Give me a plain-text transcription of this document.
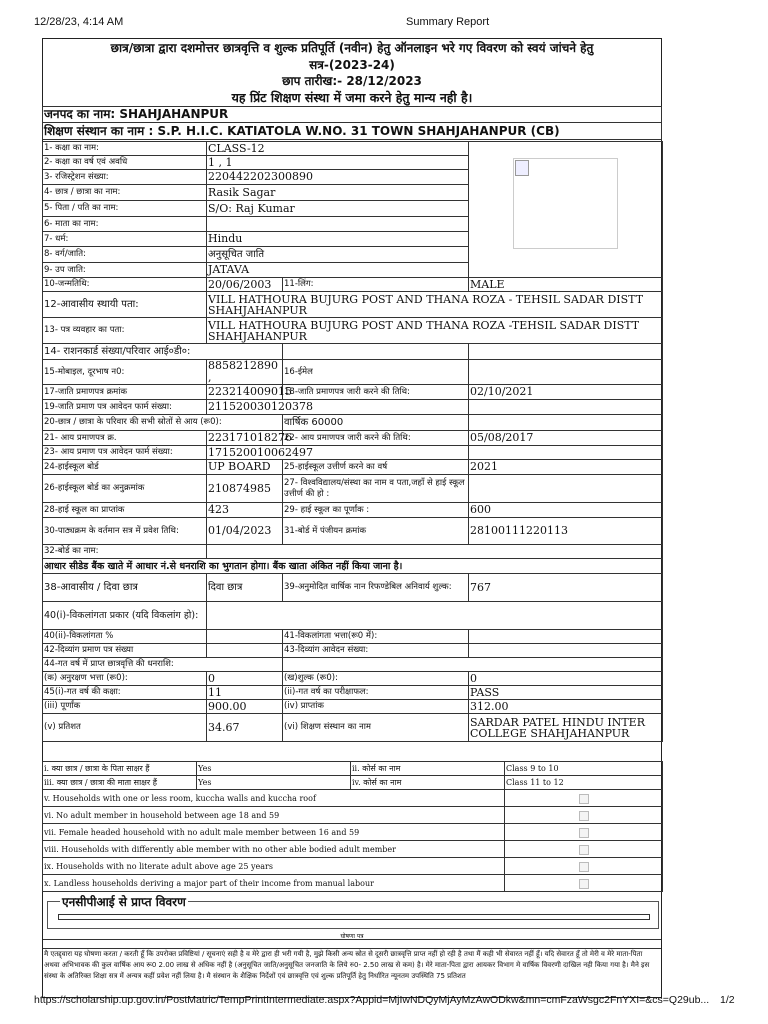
12/28/23, 4:14 AM	Summary Report
छात्र/छात्रा द्वारा दशमोत्तर छात्रवृत्ति व शुल्क प्रतिपूर्ति (नवीन) हेतु ऑनलाइन भरे गए विवरण को स्वयं जांचने हेतु
सत्र-(2023-24)
छाप तारीख:- 28/12/2023
यह प्रिंट शिक्षण संस्था में जमा करने हेतु मान्य नही है।
जनपद का नाम: SHAHJAHANPUR
शिक्षण संस्थान का नाम : S.P. H.I.C. KATIATOLA W.NO. 31 TOWN SHAHJAHANPUR (CB)
1- कक्षा का नाम:	CLASS-12		
2- कक्षा का वर्ष एवं अवधि	1 , 1		
3- रजिस्ट्रेशन संख्या:	220442202300890		
4- छात्र / छात्रा का नाम:	Rasik Sagar		
5- पिता / पति का नाम:	S/O: Raj Kumar		
6- माता का नाम:			
7- धर्म:	Hindu		
8- वर्ग/जाति:	अनुसूचित जाति		
9- उप जाति:	JATAVA		
10-जन्मतिथि:	20/06/2003	11-लिंग:	MALE
12-आवासीय स्थायी पता:	VILL HATHOURA BUJURG POST AND THANA ROZA - TEHSIL SADAR DISTT SHAHJAHANPUR		
13- पत्र व्यवहार का पता:	VILL HATHOURA BUJURG POST AND THANA ROZA -TEHSIL SADAR DISTT SHAHJAHANPUR		
14- राशनकार्ड संख्या/परिवार आई०डी०:			
15-मोबाइल, दूरभाष न0:	8858212890 ,	16-ईमेल	
17-जाति प्रमाणपत्र क्रमांक	223214009015	18-जाति प्रमाणपत्र जारी करने की तिथि:	02/10/2021
19-जाति प्रमाण पत्र आवेदन फार्म संख्या:	211520030120378		
20-छात्र / छात्रा के परिवार की सभी स्रोतों से आय (रू0):		वार्षिक 60000	
21- आय प्रमाणपत्र क्र.	223171018276	22- आय प्रमाणपत्र जारी करने की तिथि:	05/08/2017
23- आय प्रमाण पत्र आवेदन फार्म संख्या:	171520010062497		
24-हाईस्कूल बोर्ड	UP BOARD	25-हाईस्कूल उत्तीर्ण करने का वर्ष	2021
26-हाईस्कूल बोर्ड का अनुक्रमांक	210874985	27- विश्वविद्यालय/संस्था का नाम व पता,जहाँ से हाई स्कूल उत्तीर्ण की हो :	
28-हाई स्कूल का प्राप्तांक	423	29- हाई स्कूल का पूर्णांक :	600
30-पाठ्यक्रम के वर्तमान सत्र में प्रवेश तिथि:	01/04/2023	31-बोर्ड में पंजीयन क्रमांक	28100111220113
32-बोर्ड का नाम:			
आधार सीडेड बैंक खाते में आधार नं.से धनराशि का भुगतान होगा। बैंक खाता अंकित नहीं किया जाना है।			
38-आवासीय / दिवा छात्र	दिवा छात्र	39-अनुमोदित वार्षिक नान रिफण्डेबिल अनिवार्य शुल्क:	767
40(i)-विकलांगता प्रकार (यदि विकलांग हो):			
40(ii)-विकलांगता %		41-विकलांगता भत्ता(रू0 में):	
42-दिव्यांग प्रमाण पत्र संख्या		43-दिव्यांग आवेदन संख्या:	
44-गत वर्ष में प्राप्त छात्रवृत्ति की धनराशि:			
(क) अनुरक्षण भत्ता (रू0):	0	(ख)शुल्क (रू0):	0
45(i)-गत वर्ष की कक्षा:	11	(ii)-गत वर्ष का परीक्षाफल:	PASS
(iii) पूर्णांक	900.00	(iv) प्राप्तांक	312.00
(v) प्रतिशत	34.67	(vi) शिक्षण संस्थान का नाम	SARDAR PATEL HINDU INTER COLLEGE SHAHJAHANPUR
i. क्या छात्र / छात्रा के पिता साक्षर हैं	Yes	ii. कोर्स का नाम	Class 9 to 10
iii. क्या छात्र / छात्रा की माता साक्षर हैं	Yes	iv. कोर्स का नाम	Class 11 to 12
v. Households with one or less room, kuccha walls and kuccha roof			
vi. No adult member in household between age 18 and 59			
vii. Female headed household with no adult male member between 16 and 59			
viii. Households with differently able member with no other able bodied adult member			
ix. Households with no literate adult above age 25 years			
x. Landless households deriving a major part of their income from manual labour			
एनसीपीआई से प्राप्त विवरण
घोषणा पत्र
मै एतद्द्वारा यह घोषणा करता / करती हूँ कि उपरोक्त प्रविष्टियां / सूचनाएं सही है व मेरे द्वारा ही भरी गयी है, मुझे किसी अन्य स्रोत से दूसरी छात्रवृत्ति प्राप्त नहीं हो रही है तथा मैं कही भी सेवारत नहीं हूँ। यदि सेवारत हूँ तो मेरी व मेरे माता-पिता अथवा अभिभावक की कुल वार्षिक आय रू0 2.00 लाख से अधिक नहीं है (अनुसूचित जाति/अनुसूचित जनजाति के लिये रु0- 2.50 लाख से कम) है। मेरे माता-पिता द्वारा आयकर विभाग मे वार्षिक विवरणी दाखिल नही किया गया है। मैने इस संस्था के अतिरिक्त शिक्षा सत्र में अन्यत्र कहीं प्रवेश नहीं लिया है। मै संस्थान के शैक्षिक निर्देशों एवं छात्रवृत्ति एवं शुल्क प्रतिपूर्ति हेतु निर्धारित न्यूनतम उपस्थिति 75 प्रतिशत
https://scholarship.up.gov.in/PostMatric/TempPrintIntermediate.aspx?Appid=MjIwNDQyMjAyMzAwODkw&mn=cmFzaWsgc2FnYXI=&cs=Q29ub... 1/2
